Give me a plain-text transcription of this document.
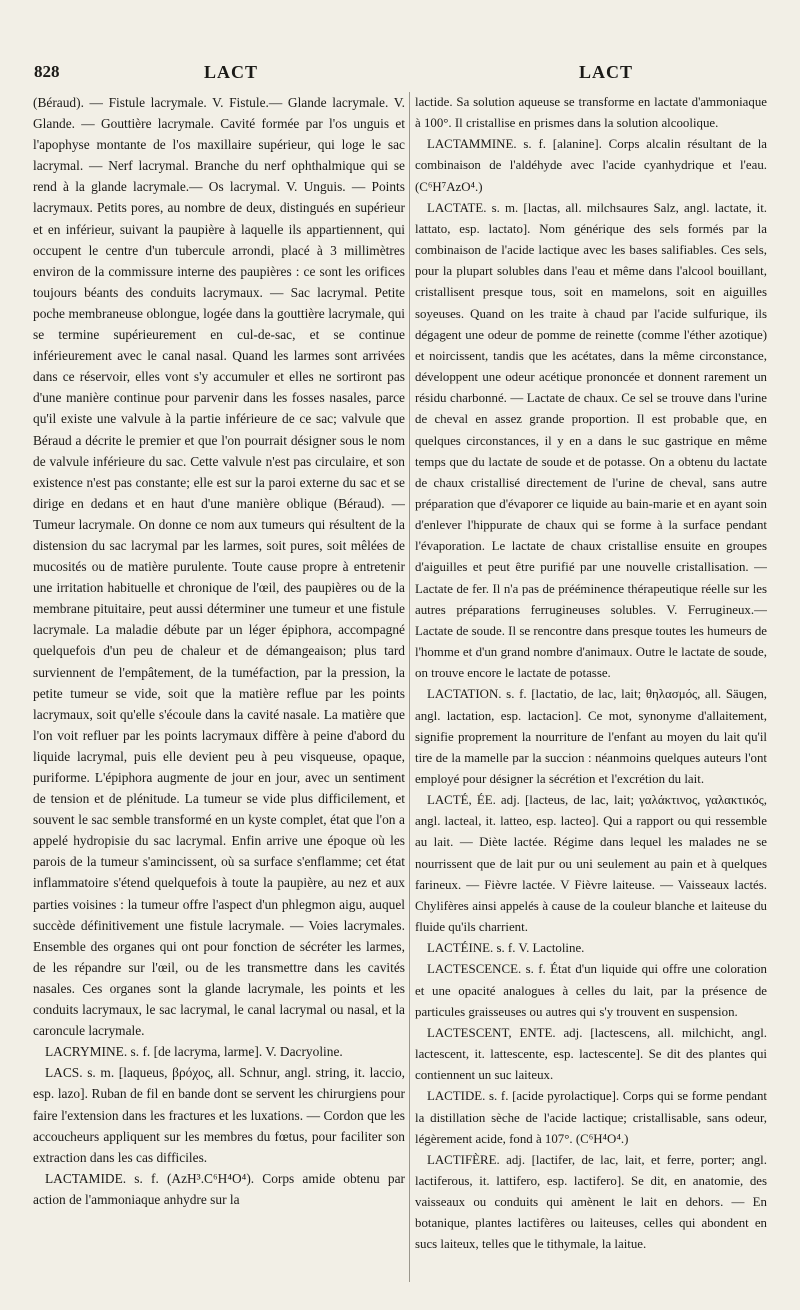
828	LACT	LACT

(Béraud). — Fistule lacrymale. V. Fistule.— Glande lacrymale. V. Glande. — Gouttière lacrymale. Cavité formée par l'os unguis et l'apophyse montante de l'os maxillaire supérieur, qui loge le sac lacrymal. — Nerf lacrymal. Branche du nerf ophthalmique qui se rend à la glande lacrymale.— Os lacrymal. V. Unguis. — Points lacrymaux. Petits pores, au nombre de deux, distingués en supérieur et en inférieur, suivant la paupière à laquelle ils appartiennent, qui occupent le centre d'un tubercule arrondi, placé à 3 millimètres environ de la commissure interne des paupières : ce sont les orifices toujours béants des conduits lacrymaux. — Sac lacrymal. Petite poche membraneuse oblongue, logée dans la gouttière lacrymale, qui se termine supérieurement en cul-de-sac, et se continue inférieurement avec le canal nasal. Quand les larmes sont arrivées dans ce réservoir, elles vont s'y accumuler et elles ne sortiront pas d'une manière continue pour parvenir dans les fosses nasales, parce qu'il existe une valvule à la partie inférieure de ce sac; valvule que Béraud a décrite le premier et que l'on pourrait désigner sous le nom de valvule inférieure du sac. Cette valvule n'est pas circulaire, et son existence n'est pas constante; elle est sur la paroi externe du sac et se dirige en dedans et en haut d'une manière oblique (Béraud). — Tumeur lacrymale. On donne ce nom aux tumeurs qui résultent de la distension du sac lacrymal par les larmes, soit pures, soit mêlées de mucosités ou de matière purulente. Toute cause propre à entretenir une irritation habituelle et chronique de l'œil, des paupières ou de la membrane pituitaire, peut aussi déterminer une tumeur et une fistule lacrymale. La maladie débute par un léger épiphora, accompagné quelquefois d'un peu de chaleur et de démangeaison; plus tard surviennent de l'empâtement, de la tuméfaction, par la pression, la petite tumeur se vide, soit que la matière reflue par les points lacrymaux, soit qu'elle s'écoule dans la cavité nasale. La matière que l'on voit refluer par les points lacrymaux diffère à peine d'abord du liquide lacrymal, puis elle devient peu à peu visqueuse, opaque, puriforme. L'épiphora augmente de jour en jour, avec un sentiment de tension et de plénitude. La tumeur se vide plus difficilement, et souvent le sac semble transformé en un kyste complet, état que l'on a appelé hydropisie du sac lacrymal. Enfin arrive une époque où les parois de la tumeur s'amincissent, où sa surface s'enflamme; cet état inflammatoire s'étend quelquefois à toute la paupière, au nez et aux parties voisines : la tumeur offre l'aspect d'un phlegmon aigu, auquel succède définitivement une fistule lacrymale. — Voies lacrymales. Ensemble des organes qui ont pour fonction de sécréter les larmes, de les répandre sur l'œil, ou de les transmettre dans les cavités nasales. Ces organes sont la glande lacrymale, les points et les conduits lacrymaux, le sac lacrymal, le canal lacrymal ou nasal, et la caroncule lacrymale.

LACRYMINE. s. f. [de lacryma, larme]. V. Dacryoline.

LACS. s. m. [laqueus, βρόχος, all. Schnur, angl. string, it. laccio, esp. lazo]. Ruban de fil en bande dont se servent les chirurgiens pour faire l'extension dans les fractures et les luxations. — Cordon que les accoucheurs appliquent sur les membres du fœtus, pour faciliter son extraction dans les cas difficiles.

LACTAMIDE. s. f. (AzH³.C⁶H⁴O⁴). Corps amide obtenu par action de l'ammoniaque anhydre sur la

lactide. Sa solution aqueuse se transforme en lactate d'ammoniaque à 100°. Il cristallise en prismes dans la solution alcoolique.

LACTAMMINE. s. f. [alanine]. Corps alcalin résultant de la combinaison de l'aldéhyde avec l'acide cyanhydrique et l'eau. (C⁶H⁷AzO⁴.)

LACTATE. s. m. [lactas, all. milchsaures Salz, angl. lactate, it. lattato, esp. lactato]. Nom générique des sels formés par la combinaison de l'acide lactique avec les bases salifiables. Ces sels, pour la plupart solubles dans l'eau et même dans l'alcool bouillant, cristallisent presque tous, soit en mamelons, soit en aiguilles soyeuses. Quand on les traite à chaud par l'acide sulfurique, ils dégagent une odeur de pomme de reinette (comme l'éther azotique) et noircissent, tandis que les acétates, dans la même circonstance, développent une odeur acétique prononcée et donnent rarement un résidu charbonné. — Lactate de chaux. Ce sel se trouve dans l'urine de cheval en assez grande proportion. Il est probable que, en quelques circonstances, il y en a dans le suc gastrique en même temps que du lactate de soude et de potasse. On a obtenu du lactate de chaux cristallisé directement de l'urine de cheval, sans autre préparation que d'évaporer ce liquide au bain-marie et en ayant soin d'enlever l'hippurate de chaux qui se forme à la surface pendant l'évaporation. Le lactate de chaux cristallise ensuite en groupes d'aiguilles et peut être purifié par une nouvelle cristallisation. — Lactate de fer. Il n'a pas de prééminence thérapeutique réelle sur les autres préparations ferrugineuses solubles. V. Ferrugineux.— Lactate de soude. Il se rencontre dans presque toutes les humeurs de l'homme et d'un grand nombre d'animaux. Outre le lactate de soude, on trouve encore le lactate de potasse.

LACTATION. s. f. [lactatio, de lac, lait; θηλασμός, all. Säugen, angl. lactation, esp. lactacion]. Ce mot, synonyme d'allaitement, signifie proprement la nourriture de l'enfant au moyen du lait qu'il tire de la mamelle par la succion : néanmoins quelques auteurs l'ont employé pour désigner la sécrétion et l'excrétion du lait.

LACTÉ, ÉE. adj. [lacteus, de lac, lait; γαλάκτινος, γαλακτικός, angl. lacteal, it. latteo, esp. lacteo]. Qui a rapport ou qui ressemble au lait. — Diète lactée. Régime dans lequel les malades ne se nourrissent que de lait pur ou uni seulement au pain et à quelques farineux. — Fièvre lactée. V Fièvre laiteuse. — Vaisseaux lactés. Chylifères ainsi appelés à cause de la couleur blanche et laiteuse du fluide qu'ils charrient.

LACTÉINE. s. f. V. Lactoline.

LACTESCENCE. s. f. État d'un liquide qui offre une coloration et une opacité analogues à celles du lait, par la présence de particules graisseuses ou autres qui s'y trouvent en suspension.

LACTESCENT, ENTE. adj. [lactescens, all. milchicht, angl. lactescent, it. lattescente, esp. lactescente]. Se dit des plantes qui contiennent un suc laiteux.

LACTIDE. s. f. [acide pyrolactique]. Corps qui se forme pendant la distillation sèche de l'acide lactique; cristallisable, sans odeur, légèrement acide, fond à 107°. (C⁶H⁴O⁴.)

LACTIFÈRE. adj. [lactifer, de lac, lait, et ferre, porter; angl. lactiferous, it. lattifero, esp. lactifero]. Se dit, en anatomie, des vaisseaux ou conduits qui amènent le lait en dehors. — En botanique, plantes lactifères ou laiteuses, celles qui abondent en sucs laiteux, telles que le tithymale, la laitue.
